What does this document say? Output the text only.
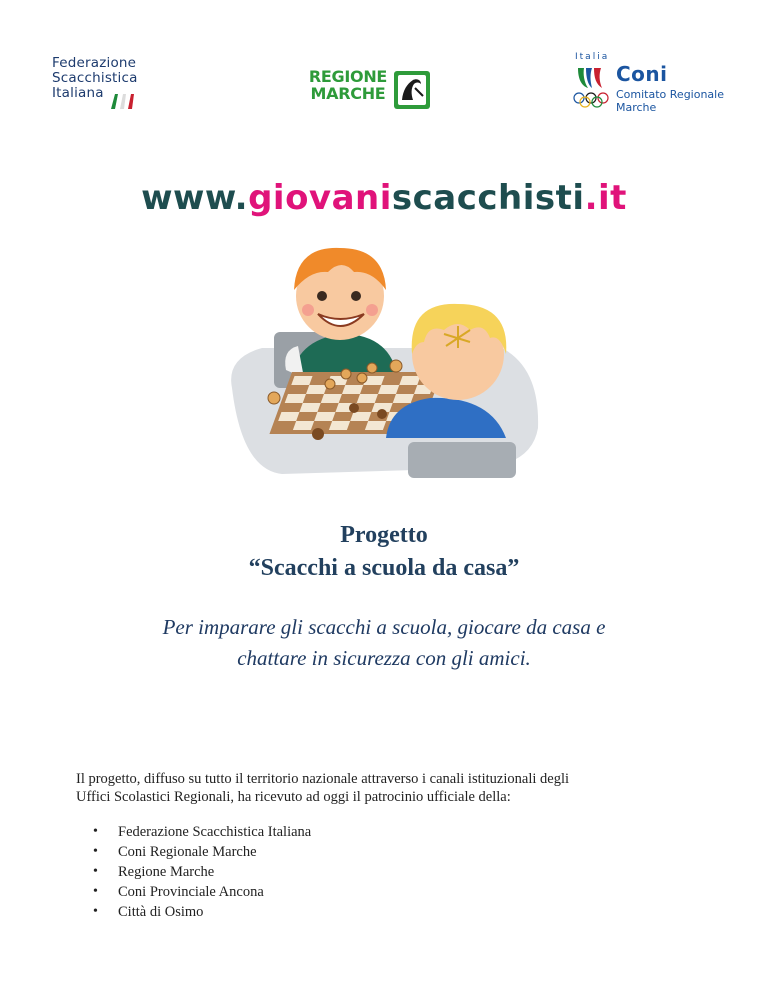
Federazione
Scacchistica
Italiana
REGIONE
MARCHE
Italia
Coni
Comitato Regionale
Marche
www.giovaniscacchisti.it
Progetto
“Scacchi a scuola da casa”
Per imparare gli scacchi a scuola, giocare da casa e
chattare in sicurezza con gli amici.
Il progetto, diffuso su tutto il territorio nazionale attraverso i canali istituzionali degli
Uffici Scolastici Regionali, ha ricevuto ad oggi il patrocinio ufficiale della:
• Federazione Scacchistica Italiana
• Coni Regionale Marche
• Regione Marche
• Coni Provinciale Ancona
• Città di Osimo
